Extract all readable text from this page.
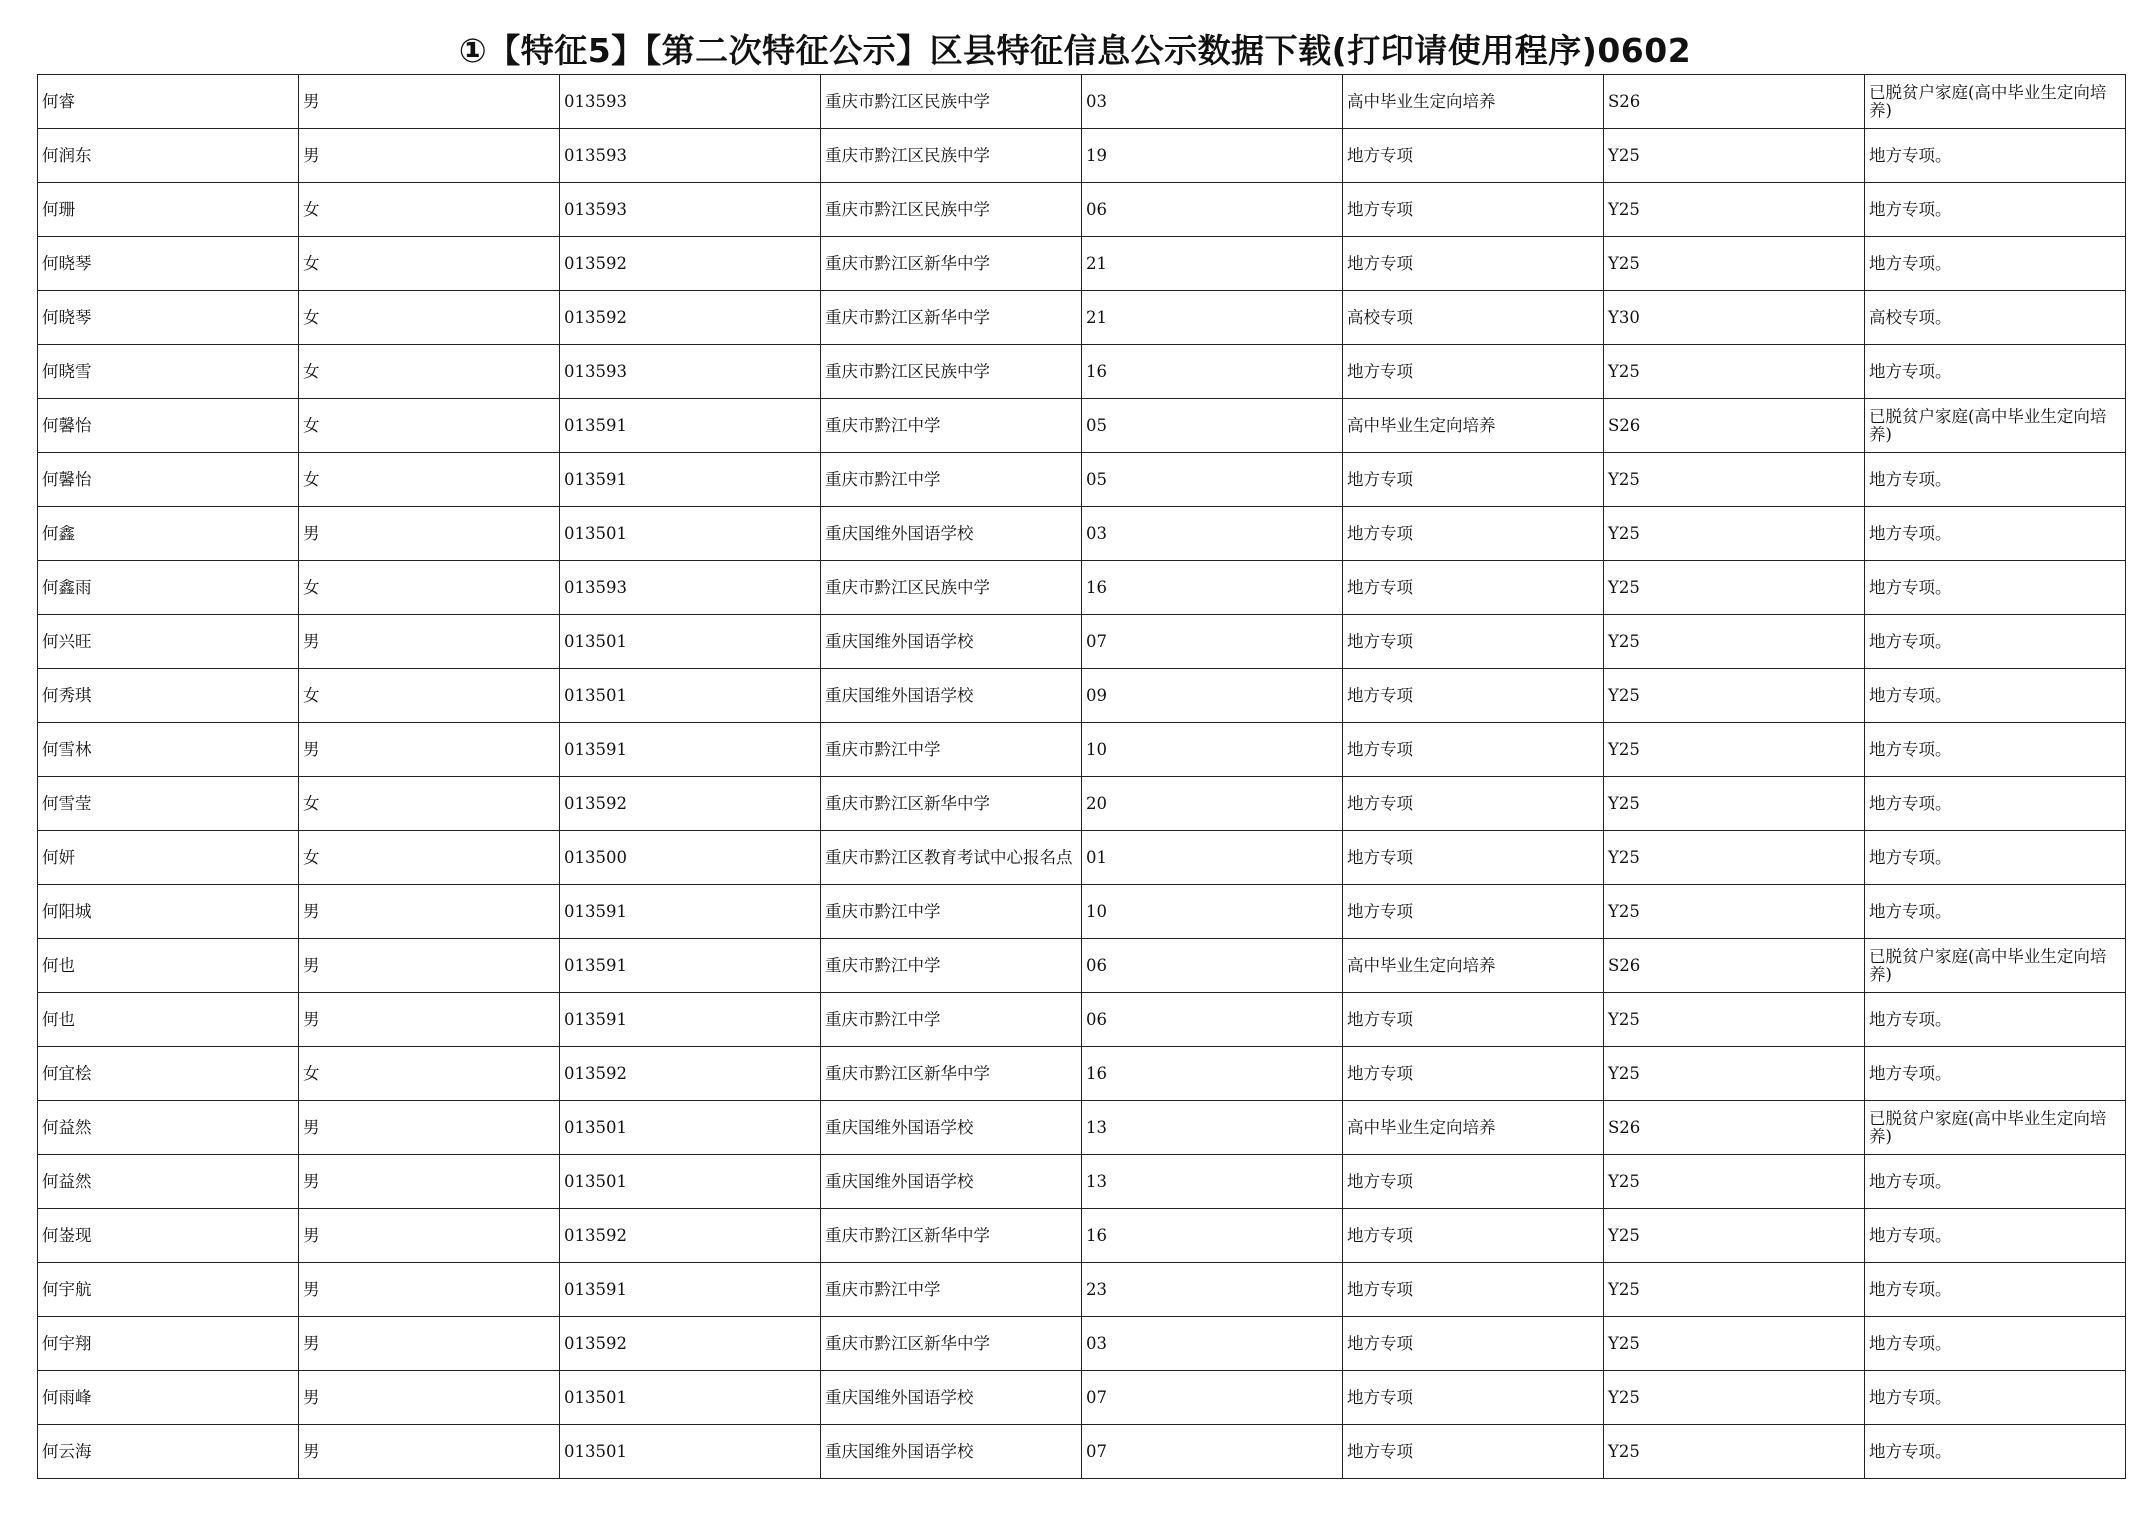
①【特征5】【第二次特征公示】区县特征信息公示数据下载(打印请使用程序)0602
何睿	男	013593	重庆市黔江区民族中学	03	高中毕业生定向培养	S26	已脱贫户家庭(高中毕业生定向培养)
何润东	男	013593	重庆市黔江区民族中学	19	地方专项	Y25	地方专项。
何珊	女	013593	重庆市黔江区民族中学	06	地方专项	Y25	地方专项。
何晓琴	女	013592	重庆市黔江区新华中学	21	地方专项	Y25	地方专项。
何晓琴	女	013592	重庆市黔江区新华中学	21	高校专项	Y30	高校专项。
何晓雪	女	013593	重庆市黔江区民族中学	16	地方专项	Y25	地方专项。
何馨怡	女	013591	重庆市黔江中学	05	高中毕业生定向培养	S26	已脱贫户家庭(高中毕业生定向培养)
何馨怡	女	013591	重庆市黔江中学	05	地方专项	Y25	地方专项。
何鑫	男	013501	重庆国维外国语学校	03	地方专项	Y25	地方专项。
何鑫雨	女	013593	重庆市黔江区民族中学	16	地方专项	Y25	地方专项。
何兴旺	男	013501	重庆国维外国语学校	07	地方专项	Y25	地方专项。
何秀琪	女	013501	重庆国维外国语学校	09	地方专项	Y25	地方专项。
何雪林	男	013591	重庆市黔江中学	10	地方专项	Y25	地方专项。
何雪莹	女	013592	重庆市黔江区新华中学	20	地方专项	Y25	地方专项。
何妍	女	013500	重庆市黔江区教育考试中心报名点	01	地方专项	Y25	地方专项。
何阳城	男	013591	重庆市黔江中学	10	地方专项	Y25	地方专项。
何也	男	013591	重庆市黔江中学	06	高中毕业生定向培养	S26	已脱贫户家庭(高中毕业生定向培养)
何也	男	013591	重庆市黔江中学	06	地方专项	Y25	地方专项。
何宜桧	女	013592	重庆市黔江区新华中学	16	地方专项	Y25	地方专项。
何益然	男	013501	重庆国维外国语学校	13	高中毕业生定向培养	S26	已脱贫户家庭(高中毕业生定向培养)
何益然	男	013501	重庆国维外国语学校	13	地方专项	Y25	地方专项。
何崟现	男	013592	重庆市黔江区新华中学	16	地方专项	Y25	地方专项。
何宇航	男	013591	重庆市黔江中学	23	地方专项	Y25	地方专项。
何宇翔	男	013592	重庆市黔江区新华中学	03	地方专项	Y25	地方专项。
何雨峰	男	013501	重庆国维外国语学校	07	地方专项	Y25	地方专项。
何云海	男	013501	重庆国维外国语学校	07	地方专项	Y25	地方专项。
